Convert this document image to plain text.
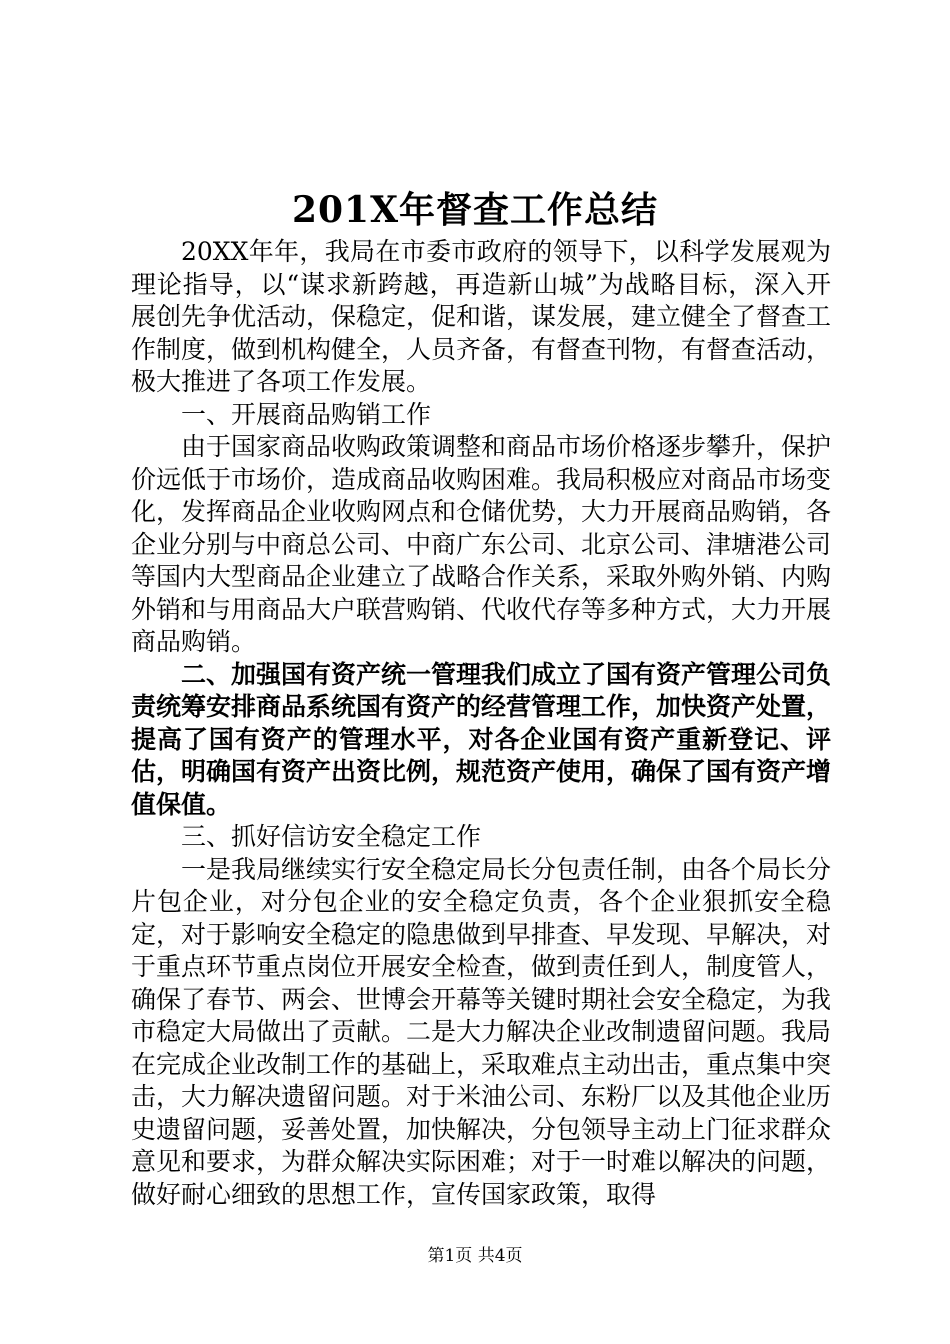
201X年督查工作总结

20XX年年，我局在市委市政府的领导下，以科学发展观为理论指导，以“谋求新跨越，再造新山城”为战略目标，深入开展创先争优活动，保稳定，促和谐，谋发展，建立健全了督查工作制度，做到机构健全，人员齐备，有督查刊物，有督查活动，极大推进了各项工作发展。

一、开展商品购销工作

由于国家商品收购政策调整和商品市场价格逐步攀升，保护价远低于市场价，造成商品收购困难。我局积极应对商品市场变化，发挥商品企业收购网点和仓储优势，大力开展商品购销，各企业分别与中商总公司、中商广东公司、北京公司、津塘港公司等国内大型商品企业建立了战略合作关系，采取外购外销、内购外销和与用商品大户联营购销、代收代存等多种方式，大力开展商品购销。

二、加强国有资产统一管理我们成立了国有资产管理公司负责统筹安排商品系统国有资产的经营管理工作，加快资产处置，提高了国有资产的管理水平，对各企业国有资产重新登记、评估，明确国有资产出资比例，规范资产使用，确保了国有资产增值保值。

三、抓好信访安全稳定工作

一是我局继续实行安全稳定局长分包责任制，由各个局长分片包企业，对分包企业的安全稳定负责，各个企业狠抓安全稳定，对于影响安全稳定的隐患做到早排查、早发现、早解决，对于重点环节重点岗位开展安全检查，做到责任到人，制度管人，确保了春节、两会、世博会开幕等关键时期社会安全稳定，为我市稳定大局做出了贡献。二是大力解决企业改制遗留问题。我局在完成企业改制工作的基础上，采取难点主动出击，重点集中突击，大力解决遗留问题。对于米油公司、东粉厂以及其他企业历史遗留问题，妥善处置，加快解决，分包领导主动上门征求群众意见和要求，为群众解决实际困难；对于一时难以解决的问题，做好耐心细致的思想工作，宣传国家政策，取得

第1页 共4页
